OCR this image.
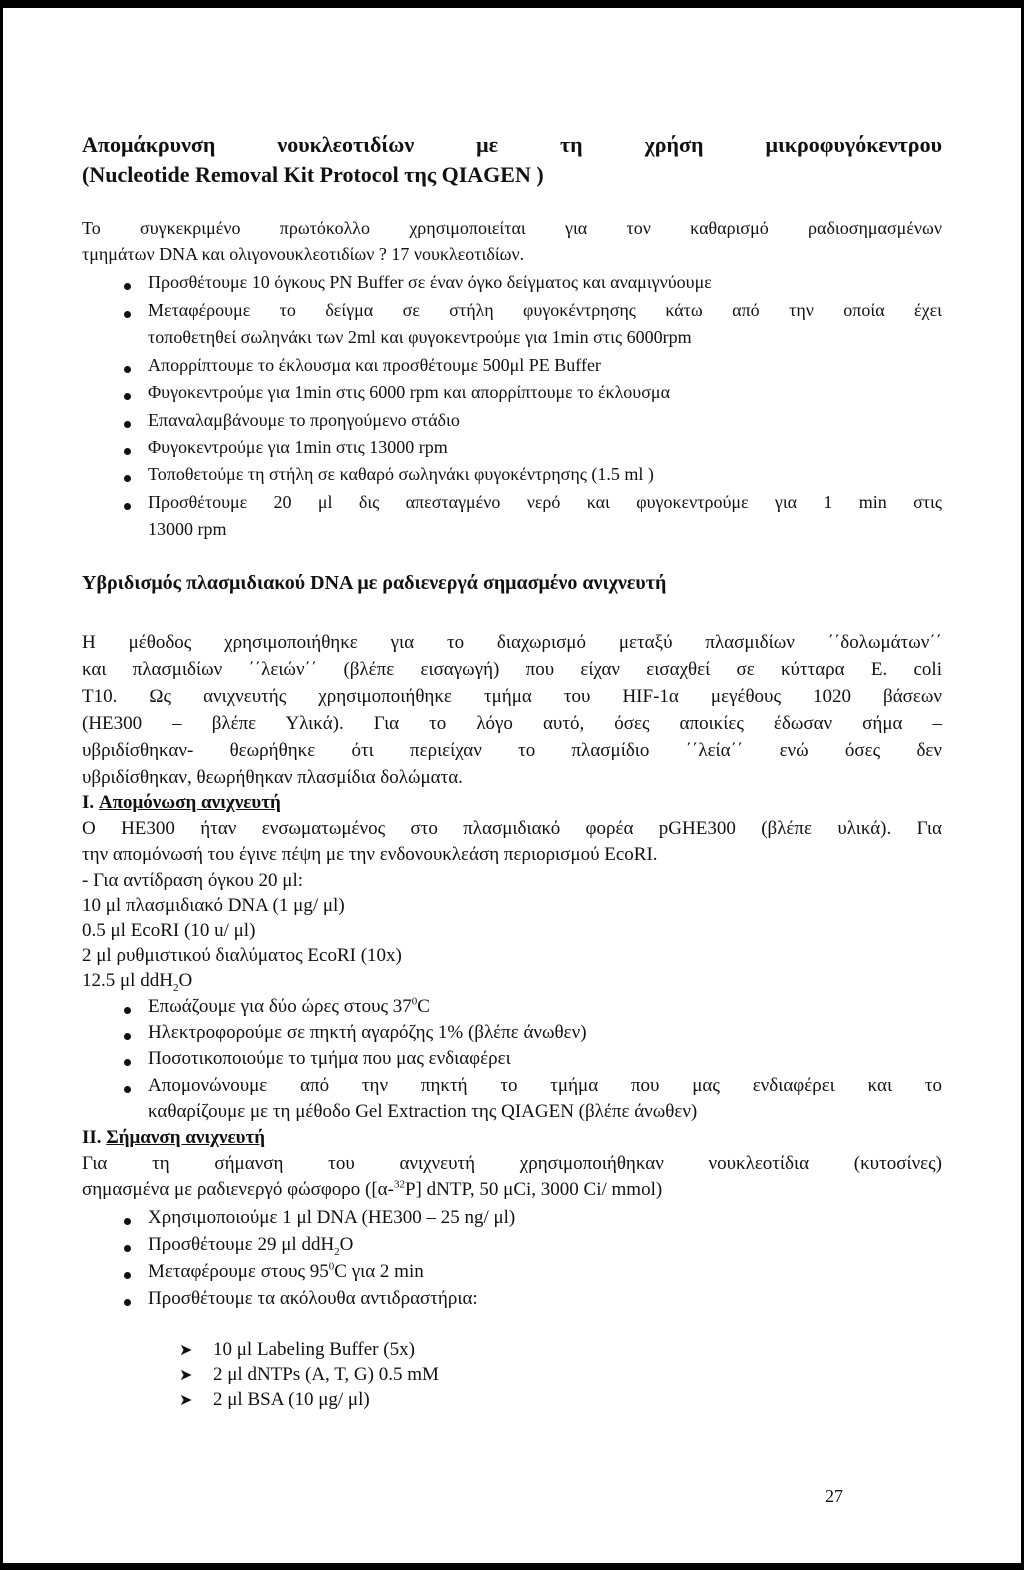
Απομάκρυνση νουκλεοτιδίων με τη χρήση μικροφυγόκεντρου
(Nucleotide Removal Kit Protocol της QIAGEN )
Το συγκεκριμένο πρωτόκολλο χρησιμοποιείται για τον καθαρισμό ραδιοσημασμένων
τμημάτων DNA και ολιγονουκλεοτιδίων ? 17 νουκλεοτιδίων.
Προσθέτουμε 10 όγκους PN Buffer σε έναν όγκο δείγματος και αναμιγνύουμε
Μεταφέρουμε το δείγμα σε στήλη φυγοκέντρησης κάτω από την οποία έχει
τοποθετηθεί σωληνάκι των 2ml και φυγοκεντρούμε για 1min στις 6000rpm
Απορρίπτουμε το έκλουσμα και προσθέτουμε 500μl PE Buffer
Φυγοκεντρούμε για 1min στις 6000 rpm και απορρίπτουμε το έκλουσμα
Επαναλαμβάνουμε το προηγούμενο στάδιο
Φυγοκεντρούμε για 1min στις 13000 rpm
Τοποθετούμε τη στήλη σε καθαρό σωληνάκι φυγοκέντρησης (1.5 ml )
Προσθέτουμε 20 μl δις απεσταγμένο νερό και φυγοκεντρούμε για 1 min στις
13000 rpm
Υβριδισμός πλασμιδιακού DNA με ραδιενεργά σημασμένο ανιχνευτή
Η μέθοδος χρησιμοποιήθηκε για το διαχωρισμό μεταξύ πλασμιδίων ΄΄δολωμάτων΄΄
και πλασμιδίων ΄΄λειών΄΄ (βλέπε εισαγωγή) που είχαν εισαχθεί σε κύτταρα E. coli
T10. Ως ανιχνευτής χρησιμοποιήθηκε τμήμα του HIF-1α μεγέθους 1020 βάσεων
(HE300 – βλέπε Υλικά). Για το λόγο αυτό, όσες αποικίες έδωσαν σήμα –
υβριδίσθηκαν- θεωρήθηκε ότι περιείχαν το πλασμίδιο ΄΄λεία΄΄ ενώ όσες δεν
υβριδίσθηκαν, θεωρήθηκαν πλασμίδια δολώματα.
I. Απομόνωση ανιχνευτή
Ο HE300 ήταν ενσωματωμένος στο πλασμιδιακό φορέα pGHE300 (βλέπε υλικά). Για
την απομόνωσή του έγινε πέψη με την ενδονουκλεάση περιορισμού EcoRI.
- Για αντίδραση όγκου 20 μl:
10 μl πλασμιδιακό DNA (1 μg/ μl)
0.5 μl EcoRI (10 u/ μl)
2 μl ρυθμιστικού διαλύματος EcoRI (10x)
12.5 μl ddH$_2$O
Επωάζουμε για δύο ώρες στους $37^0C$
Ηλεκτροφορούμε σε πηκτή αγαρόζης 1% (βλέπε άνωθεν)
Ποσοτικοποιούμε το τμήμα που μας ενδιαφέρει
Απομονώνουμε από την πηκτή το τμήμα που μας ενδιαφέρει και το
καθαρίζουμε με τη μέθοδο Gel Extraction της QIAGEN (βλέπε άνωθεν)
II. Σήμανση ανιχνευτή
Για τη σήμανση του ανιχνευτή χρησιμοποιήθηκαν νουκλεοτίδια (κυτοσίνες)
σημασμένα με ραδιενεργό φώσφορο ([α-$^{32}$P] dNTP, 50 μCi, 3000 Ci/ mmol)
Χρησιμοποιούμε 1 μl DNA (HE300 – 25 ng/ μl)
Προσθέτουμε 29 μl ddH$_2$O
Μεταφέρουμε στους $95^0C$ για 2 min
Προσθέτουμε τα ακόλουθα αντιδραστήρια:
➤ 10 μl Labeling Buffer (5x)
➤ 2 μl dNTPs (A, T, G) 0.5 mM
➤ 2 μl BSA (10 μg/ μl)
27
